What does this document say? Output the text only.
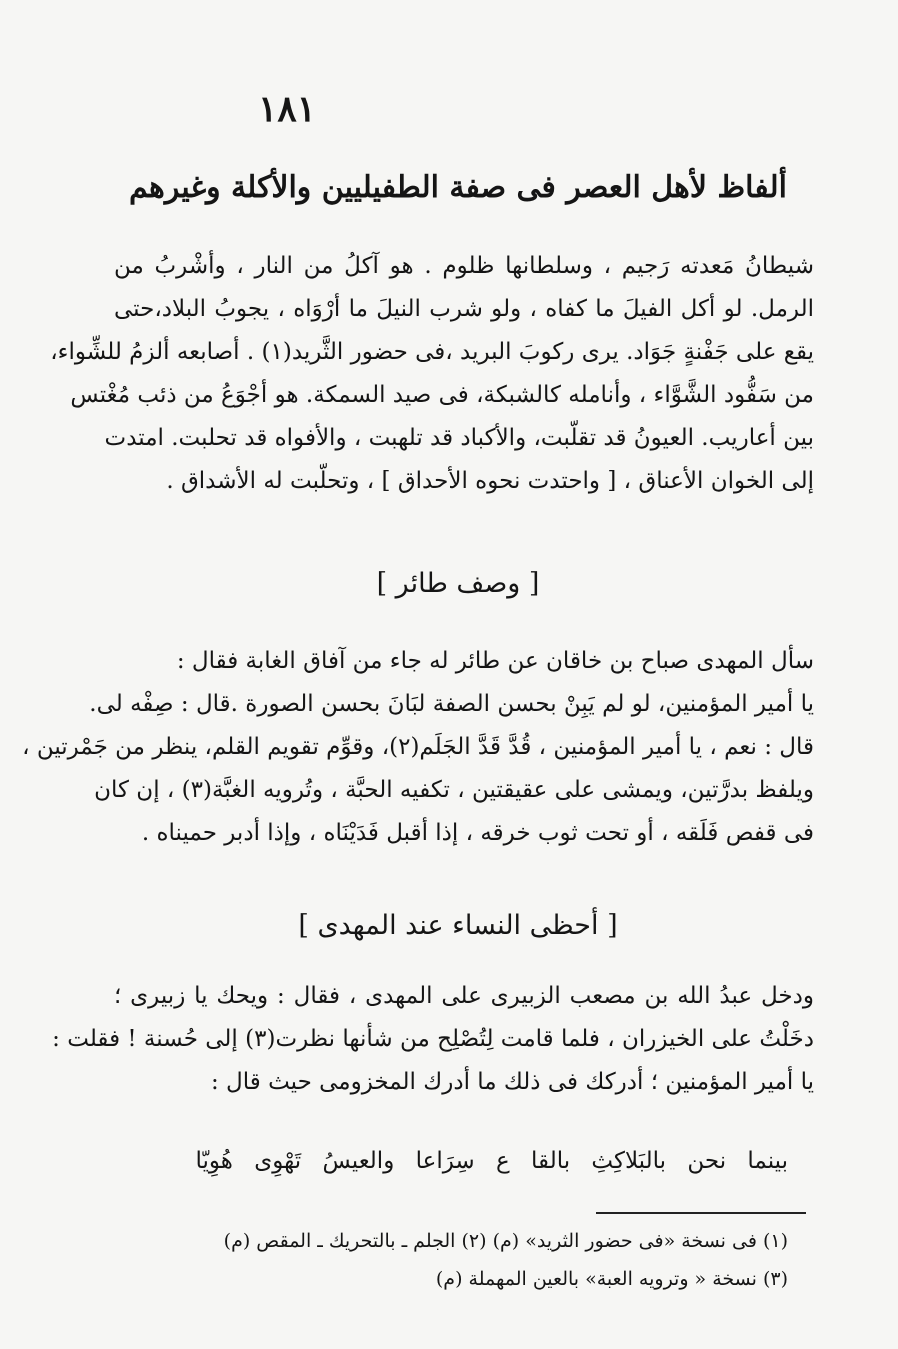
١٨١
ألفاظ لأهل العصر فى صفة الطفيليين والأكلة وغيرهم
شيطانُ مَعدته رَجيم ، وسلطانها ظلوم . هو آكلُ من النار ، وأشْربُ من
الرمل. لو أكل الفيلَ ما كفاه ، ولو شرب النيلَ ما أرْوَاه ، يجوبُ البلاد،حتى
يقع على جَفْنةٍ جَوَاد. يرى ركوبَ البريد ،فى حضور الثَّريد(١) . أصابعه ألزمُ للشِّواء،
من سَفُّود الشَّوَّاء ، وأنامله كالشبكة، فى صيد السمكة. هو أجْوَعُ من ذئب مُغْتس
بين أعاريب. العيونُ قد تقلّبت، والأكباد قد تلهبت ، والأفواه قد تحلبت. امتدت
إلى الخوان الأعناق ، [ واحتدت نحوه الأحداق ] ، وتحلّبت له الأشداق .
[ وصف طائر ]
سأل المهدى صباح بن خاقان عن طائر له جاء من آفاق الغابة فقال :
يا أمير المؤمنين، لو لم يَبِنْ بحسن الصفة لبَانَ بحسن الصورة .قال : صِفْه لى.
قال : نعم ، يا أمير المؤمنين ، قُدَّ قَدَّ الجَلَم(٢)، وقوِّم تقويم القلم، ينظر من جَمْرتين ،
ويلفظ بدرَّتين، ويمشى على عقيقتين ، تكفيه الحبَّة ، وتُرويه الغبَّة(٣) ، إن كان
فى قفص فَلَقه ، أو تحت ثوب خرقه ، إذا أقبل فَدَيْنَاه ، وإذا أدبر حميناه .
[ أحظى النساء عند المهدى ]
ودخل عبدُ الله بن مصعب الزبيرى على المهدى ، فقال : ويحك يا زبيرى ؛
دخَلْتُ على الخيزران ، فلما قامت لِتُصْلِح من شأنها نظرت(٣) إلى حُسنة ! فقلت :
يا أمير المؤمنين ؛ أدركك فى ذلك ما أدرك المخزومى حيث قال :
بينما نحن بالبَلاكِثِ بالقا ع سِرَاعا والعيسُ تَهْوِى هُوِيّا
(١) فى نسخة «فى حضور الثريد» (م) (٢) الجلم ـ بالتحريك ـ المقص (م)
(٣) نسخة « وترويه العبة» بالعين المهملة (م)
